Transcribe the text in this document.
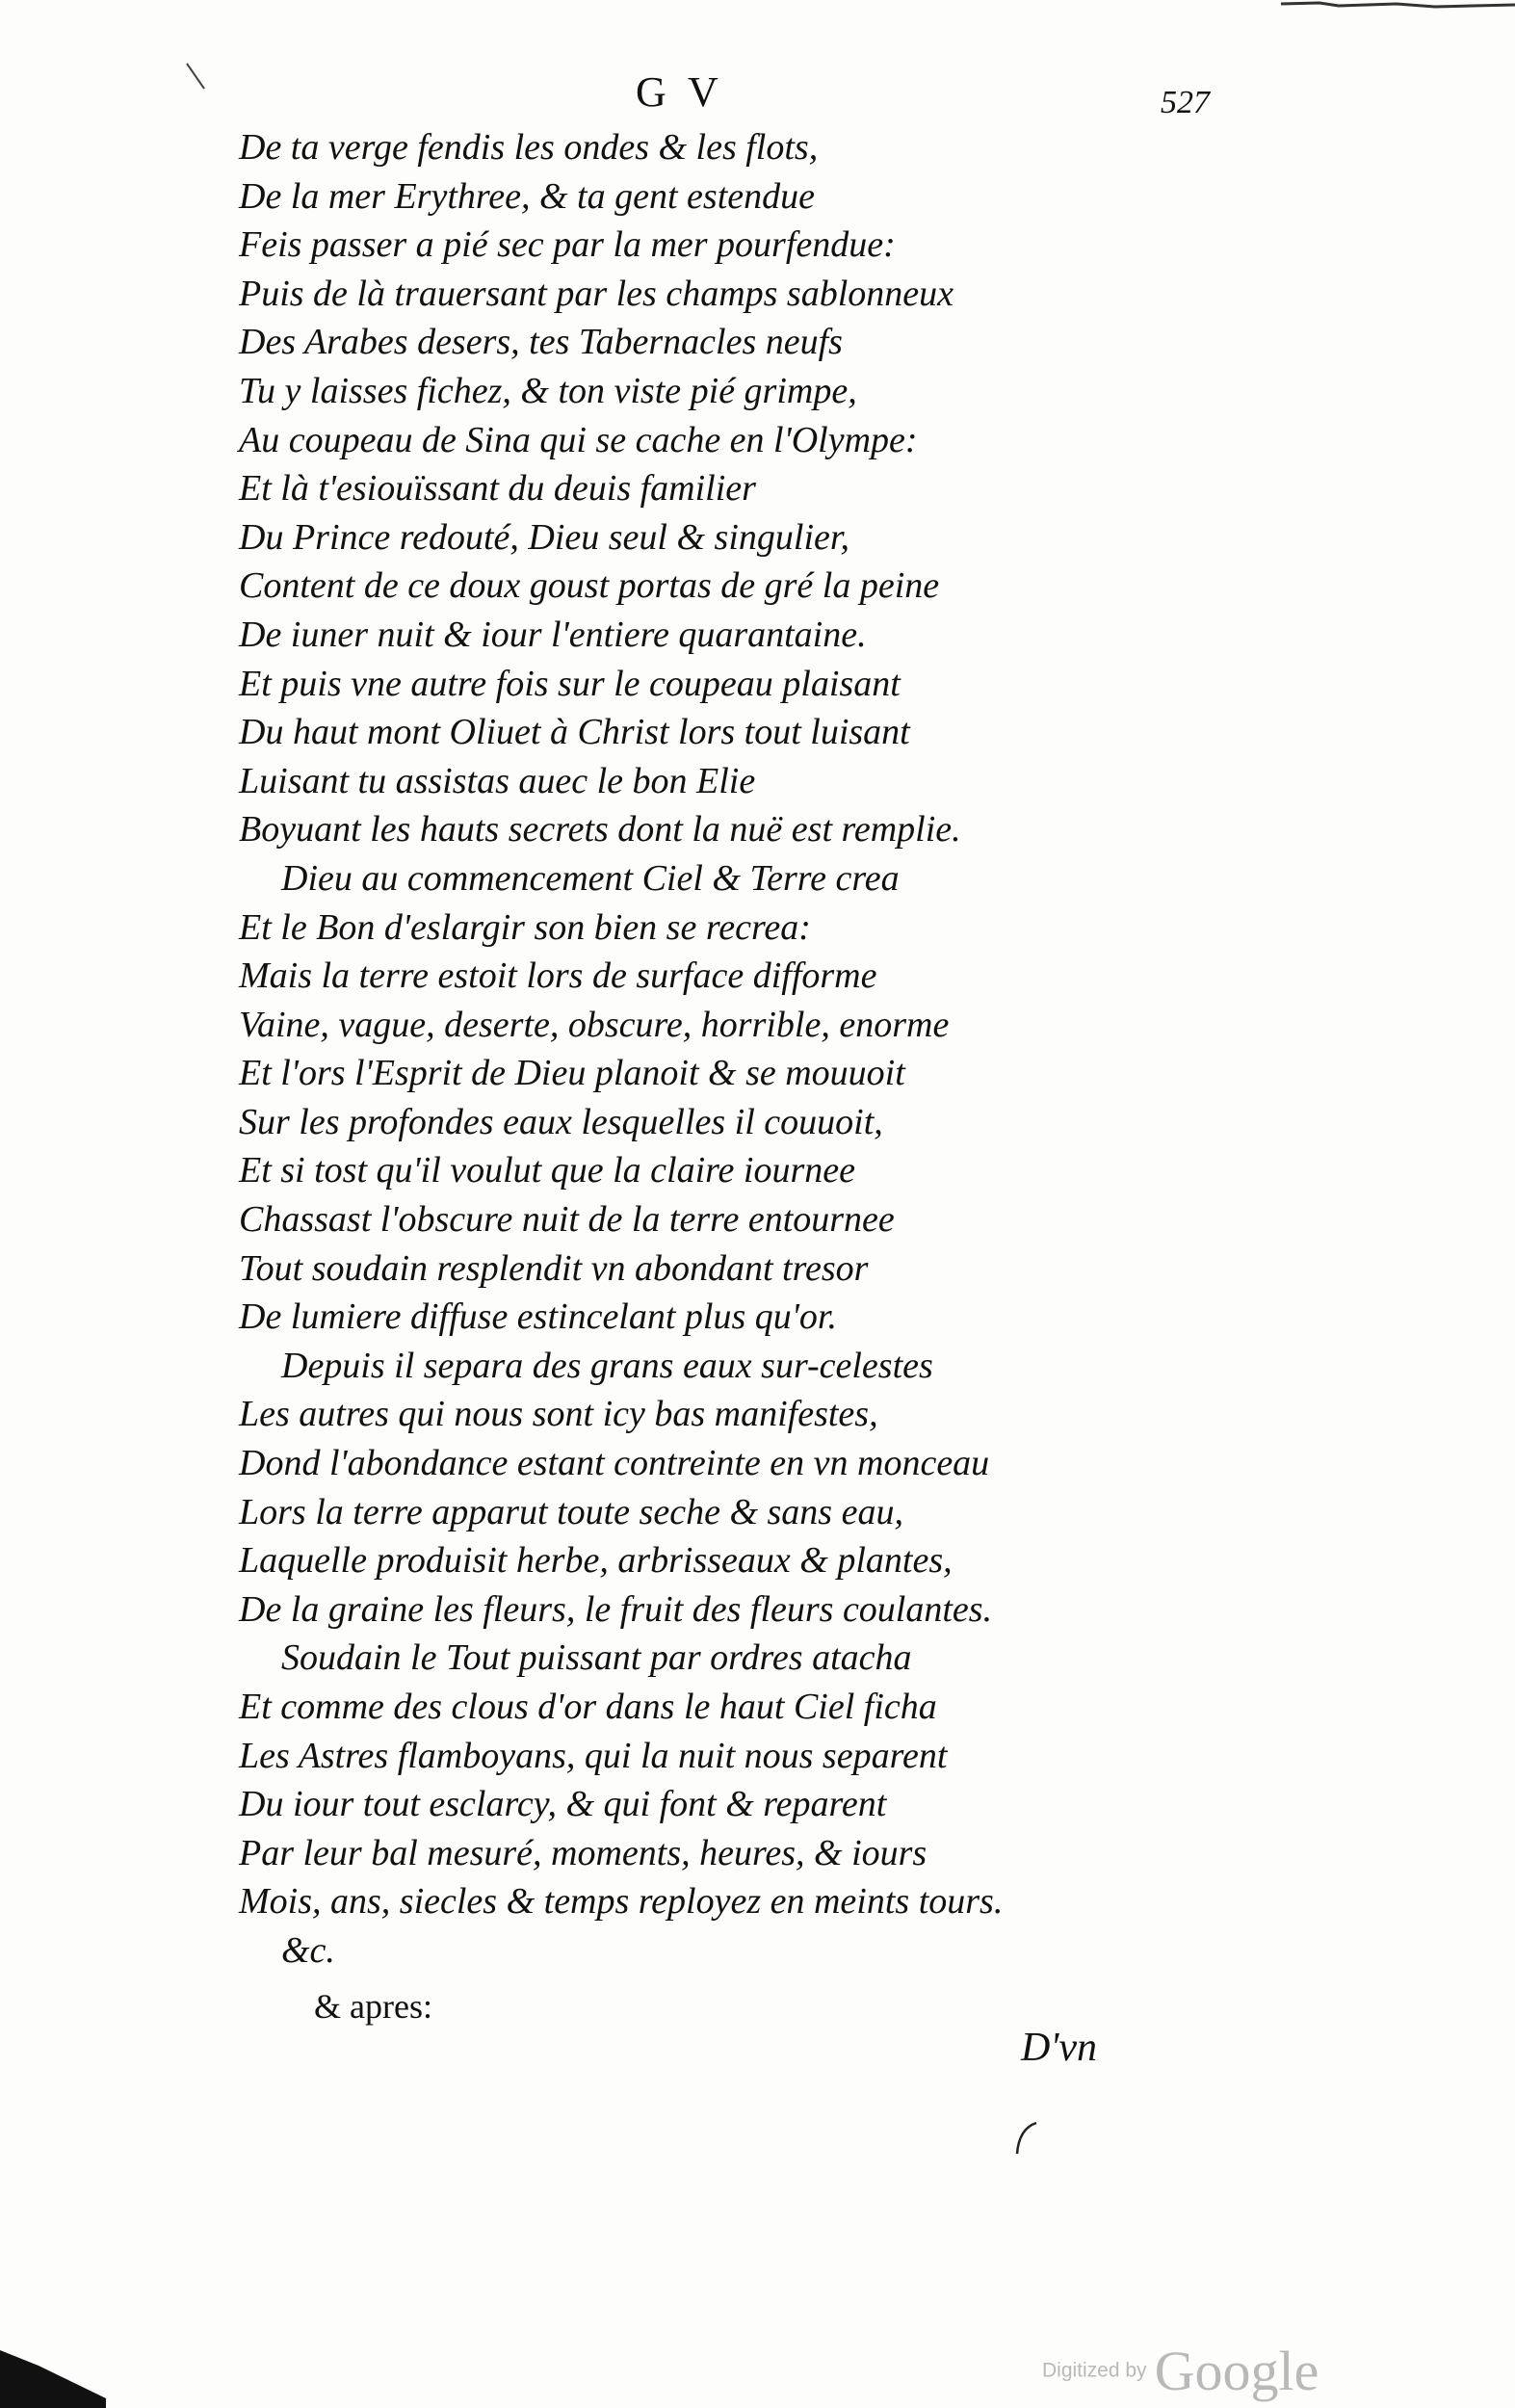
G V	527
De ta verge fendis les ondes & les flots,
De la mer Erythree, & ta gent estendue
Feis passer a pié sec par la mer pourfendue:
Puis de là trauersant par les champs sablonneux
Des Arabes desers, tes Tabernacles neufs
Tu y laisses fichez, & ton viste pié grimpe,
Au coupeau de Sina qui se cache en l'Olympe:
Et là t'esiouïssant du deuis familier
Du Prince redouté, Dieu seul & singulier,
Content de ce doux goust portas de gré la peine
De iuner nuit & iour l'entiere quarantaine.
Et puis vne autre fois sur le coupeau plaisant
Du haut mont Oliuet à Christ lors tout luisant
Luisant tu assistas auec le bon Elie
Boyuant les hauts secrets dont la nuë est remplie.
Dieu au commencement Ciel & Terre crea
Et le Bon d'eslargir son bien se recrea:
Mais la terre estoit lors de surface difforme
Vaine, vague, deserte, obscure, horrible, enorme
Et l'ors l'Esprit de Dieu planoit & se mouuoit
Sur les profondes eaux lesquelles il couuoit,
Et si tost qu'il voulut que la claire iournee
Chassast l'obscure nuit de la terre entournee
Tout soudain resplendit vn abondant tresor
De lumiere diffuse estincelant plus qu'or.
Depuis il separa des grans eaux sur-celestes
Les autres qui nous sont icy bas manifestes,
Dond l'abondance estant contreinte en vn monceau
Lors la terre apparut toute seche & sans eau,
Laquelle produisit herbe, arbrisseaux & plantes,
De la graine les fleurs, le fruit des fleurs coulantes.
Soudain le Tout puissant par ordres atacha
Et comme des clous d'or dans le haut Ciel ficha
Les Astres flamboyans, qui la nuit nous separent
Du iour tout esclarcy, & qui font & reparent
Par leur bal mesuré, moments, heures, & iours
Mois, ans, siecles & temps reployez en meints tours.
&c.
& apres:
D'vn
Digitized by Google
